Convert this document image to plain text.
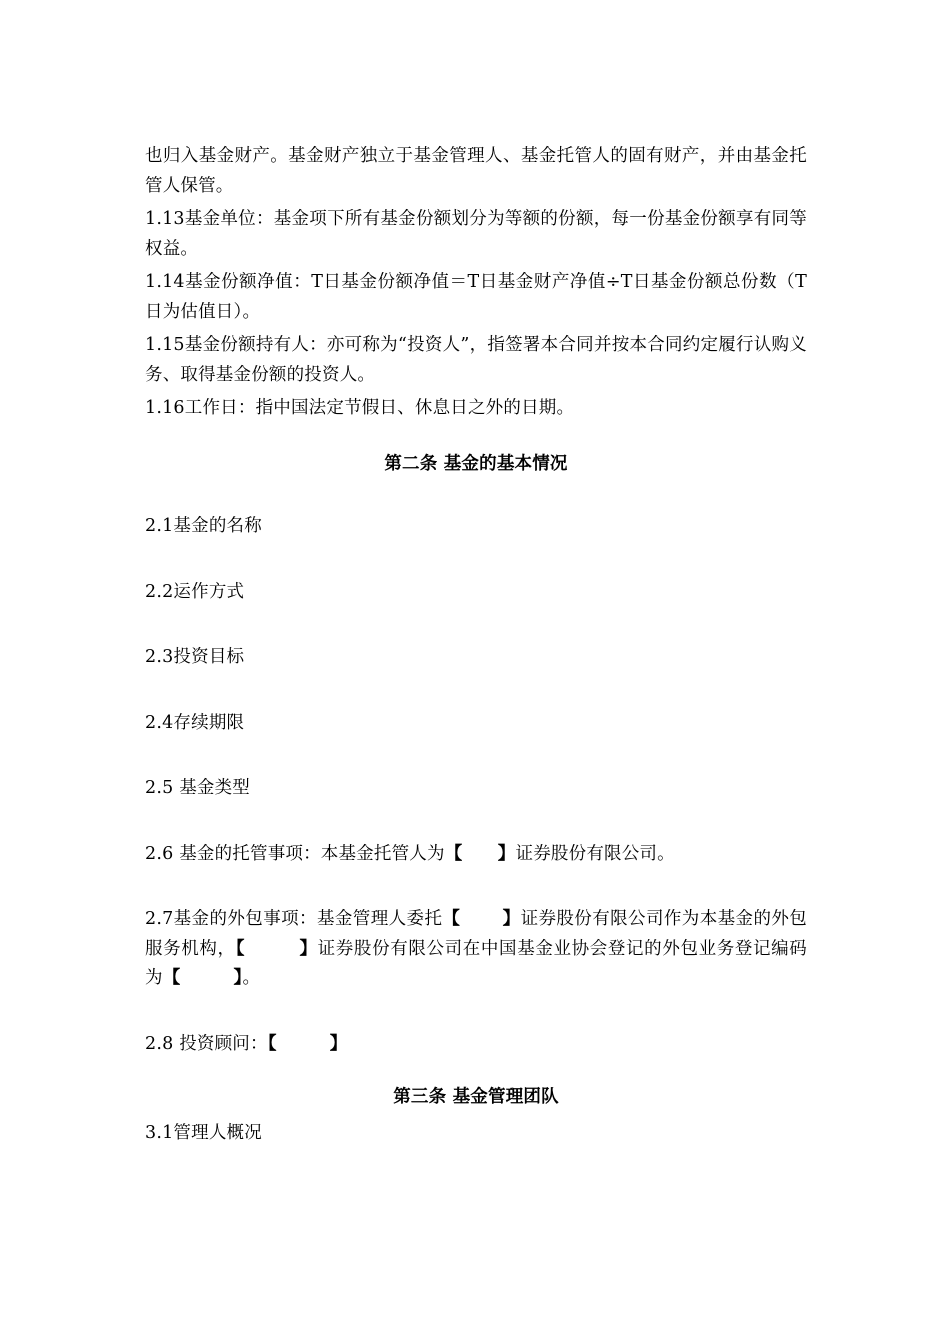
也归入基金财产。基金财产独立于基金管理人、基金托管人的固有财产，并由基金托管人保管。

1.13基金单位：基金项下所有基金份额划分为等额的份额，每一份基金份额享有同等权益。

1.14基金份额净值：T日基金份额净值＝T日基金财产净值÷T日基金份额总份数（T日为估值日）。

1.15基金份额持有人：亦可称为“投资人”，指签署本合同并按本合同约定履行认购义务、取得基金份额的投资人。

1.16工作日：指中国法定节假日、休息日之外的日期。

第二条 基金的基本情况

2.1基金的名称

2.2运作方式

2.3投资目标

2.4存续期限

2.5 基金类型

2.6 基金的托管事项：本基金托管人为【　　】证券股份有限公司。

2.7基金的外包事项：基金管理人委托【　　 】证券股份有限公司作为本基金的外包服务机构，【　　　】证券股份有限公司在中国基金业协会登记的外包业务登记编码为【　　　】。

2.8 投资顾问：【　　　】

第三条 基金管理团队

3.1管理人概况
